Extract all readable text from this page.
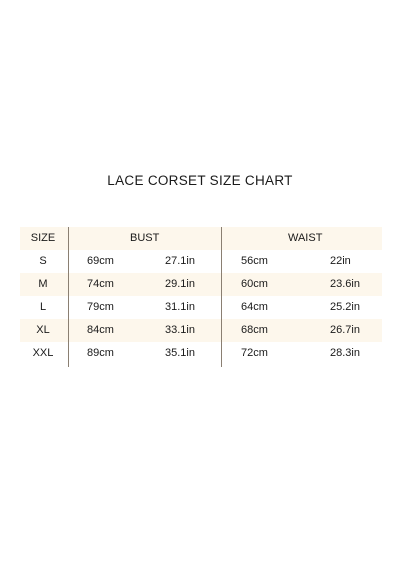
LACE CORSET SIZE CHART
SIZE	BUST	WAIST
S	69cm	27.1in	56cm	22in
M	74cm	29.1in	60cm	23.6in
L	79cm	31.1in	64cm	25.2in
XL	84cm	33.1in	68cm	26.7in
XXL	89cm	35.1in	72cm	28.3in
